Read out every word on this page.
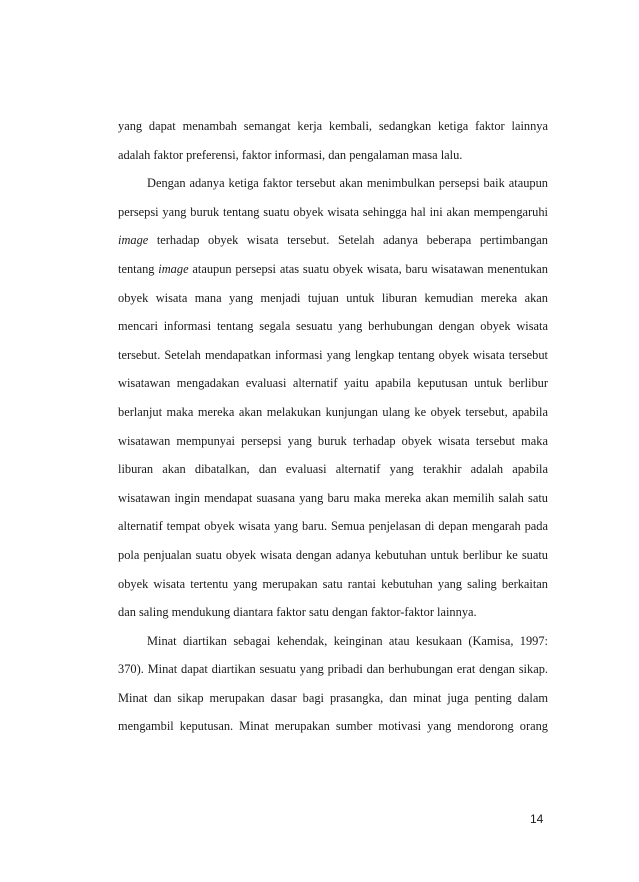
yang dapat menambah semangat kerja kembali, sedangkan ketiga faktor lainnya
adalah faktor preferensi, faktor informasi, dan pengalaman masa lalu.
Dengan adanya ketiga faktor tersebut akan menimbulkan persepsi baik ataupun
persepsi yang buruk tentang suatu obyek wisata sehingga hal ini akan mempengaruhi
image terhadap obyek wisata tersebut. Setelah adanya beberapa pertimbangan
tentang image ataupun persepsi atas suatu obyek wisata, baru wisatawan menentukan
obyek wisata mana yang menjadi tujuan untuk liburan kemudian mereka akan
mencari informasi tentang segala sesuatu yang berhubungan dengan obyek wisata
tersebut. Setelah mendapatkan informasi yang lengkap tentang obyek wisata tersebut
wisatawan mengadakan evaluasi alternatif yaitu apabila keputusan untuk berlibur
berlanjut maka mereka akan melakukan kunjungan ulang ke obyek tersebut, apabila
wisatawan mempunyai persepsi yang buruk terhadap obyek wisata tersebut maka
liburan akan dibatalkan, dan evaluasi alternatif yang terakhir adalah apabila
wisatawan ingin mendapat suasana yang baru maka mereka akan memilih salah satu
alternatif tempat obyek wisata yang baru. Semua penjelasan di depan mengarah pada
pola penjualan suatu obyek wisata dengan adanya kebutuhan untuk berlibur ke suatu
obyek wisata tertentu yang merupakan satu rantai kebutuhan yang saling berkaitan
dan saling mendukung diantara faktor satu dengan faktor-faktor lainnya.
Minat diartikan sebagai kehendak, keinginan atau kesukaan (Kamisa, 1997:
370). Minat dapat diartikan sesuatu yang pribadi dan berhubungan erat dengan sikap.
Minat dan sikap merupakan dasar bagi prasangka, dan minat juga penting dalam
mengambil keputusan. Minat merupakan sumber motivasi yang mendorong orang
14
